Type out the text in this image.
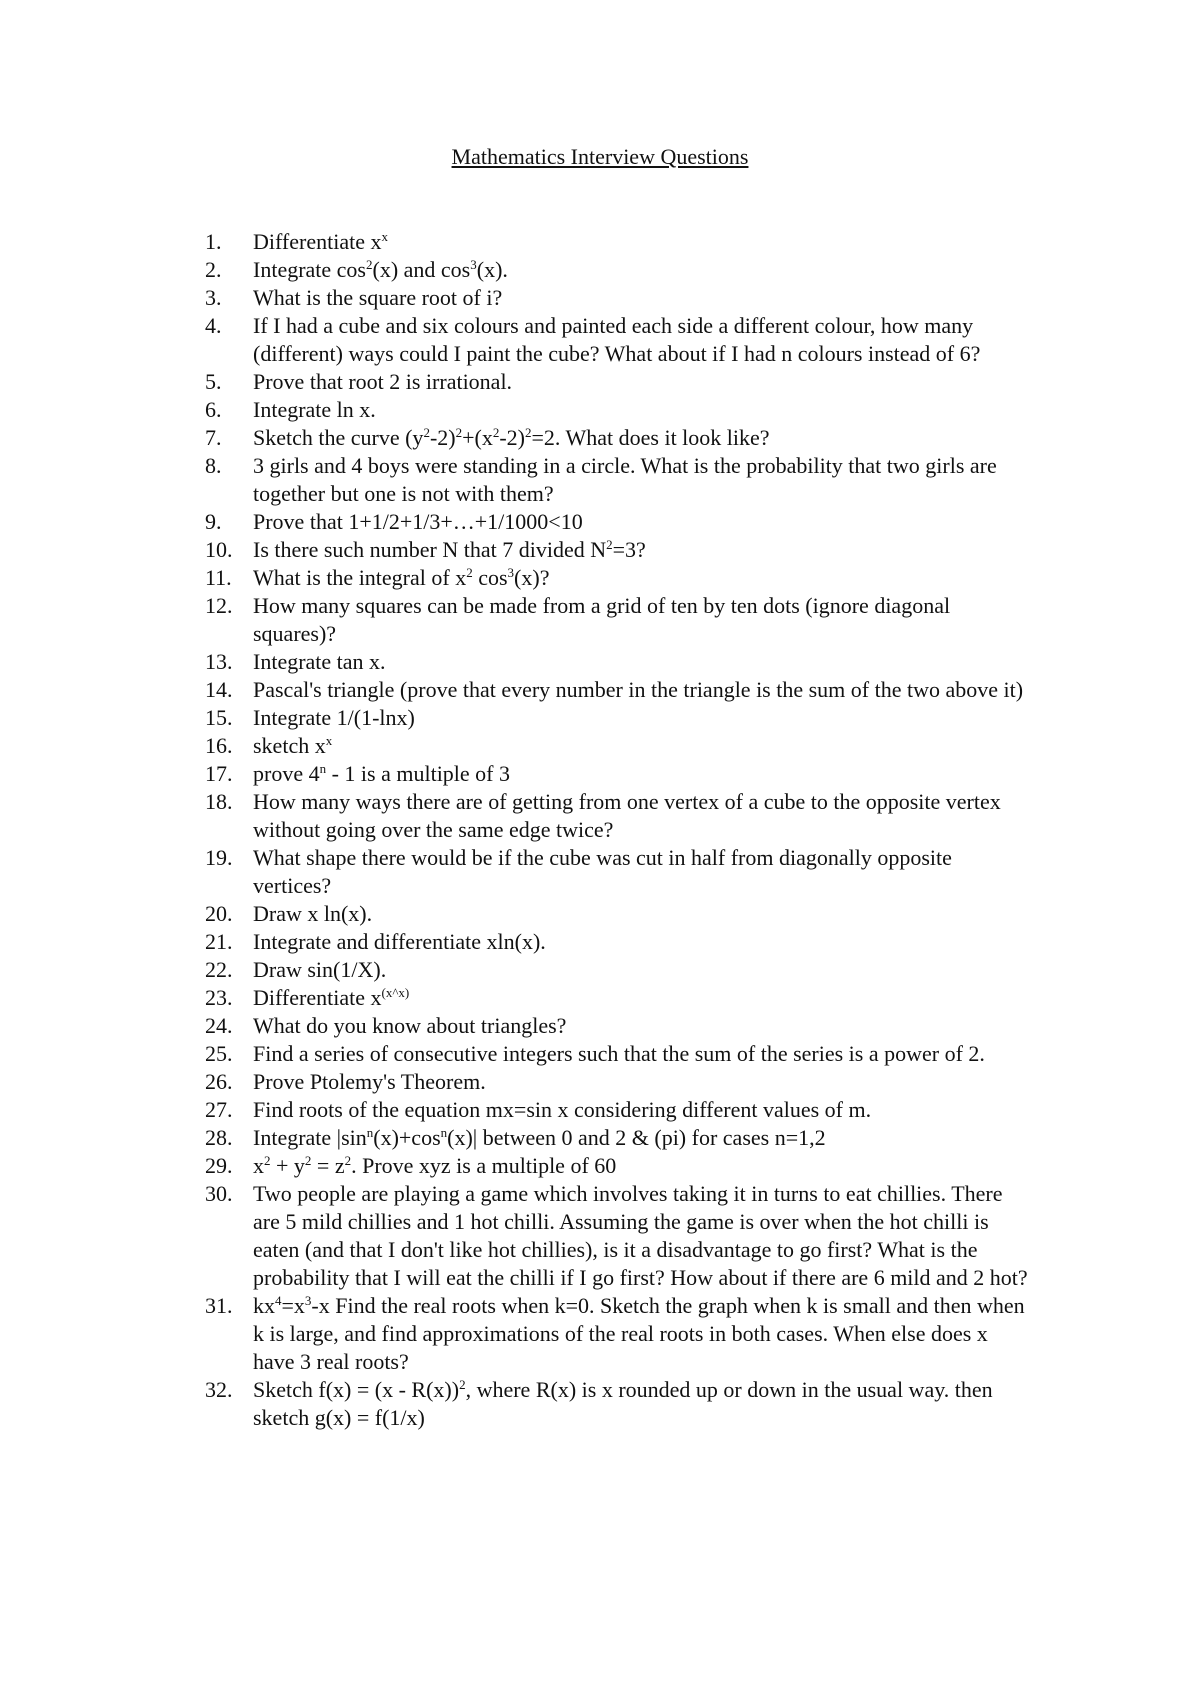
Mathematics Interview Questions
1.	Differentiate $x^x$
2.	Integrate $\cos^2(x)$ and $\cos^3(x)$.
3.	What is the square root of i?
4.	If I had a cube and six colours and painted each side a different colour, how many (different) ways could I paint the cube? What about if I had n colours instead of 6?
5.	Prove that root 2 is irrational.
6.	Integrate ln x.
7.	Sketch the curve $(y^2-2)^2+(x^2-2)^2=2$. What does it look like?
8.	3 girls and 4 boys were standing in a circle. What is the probability that two girls are together but one is not with them?
9.	Prove that 1+1/2+1/3+…+1/1000<10
10. Is there such number N that 7 divided $N^2=3$?
11. What is the integral of $x^2$ $\cos^3(x)$?
12. How many squares can be made from a grid of ten by ten dots (ignore diagonal squares)?
13. Integrate tan x.
14. Pascal's triangle (prove that every number in the triangle is the sum of the two above it)
15. Integrate 1/(1-lnx)
16. sketch $x^x$
17. prove 4$^n$ - 1 is a multiple of 3
18. How many ways there are of getting from one vertex of a cube to the opposite vertex without going over the same edge twice?
19. What shape there would be if the cube was cut in half from diagonally opposite vertices?
20. Draw x ln(x).
21. Integrate and differentiate xln(x).
22. Draw sin(1/X).
23. Differentiate $x^{(x\^{}x)}$
24. What do you know about triangles?
25. Find a series of consecutive integers such that the sum of the series is a power of 2.
26. Prove Ptolemy's Theorem.
27. Find roots of the equation mx=sin x considering different values of m.
28. Integrate $|\sin^n(x)+\cos^n(x)|$ between 0 and 2 & (pi) for cases n=1,2
29. $x^2 + y^2 = z^2$. Prove xyz is a multiple of 60
30. Two people are playing a game which involves taking it in turns to eat chillies. There are 5 mild chillies and 1 hot chilli. Assuming the game is over when the hot chilli is eaten (and that I don't like hot chillies), is it a disadvantage to go first? What is the probability that I will eat the chilli if I go first? How about if there are 6 mild and 2 hot?
31. $kx^4=x^3-x$ Find the real roots when k=0. Sketch the graph when k is small and then when k is large, and find approximations of the real roots in both cases. When else does x have 3 real roots?
32. Sketch f(x) = (x - R(x))$^2$, where R(x) is x rounded up or down in the usual way. then sketch g(x) = f(1/x)
